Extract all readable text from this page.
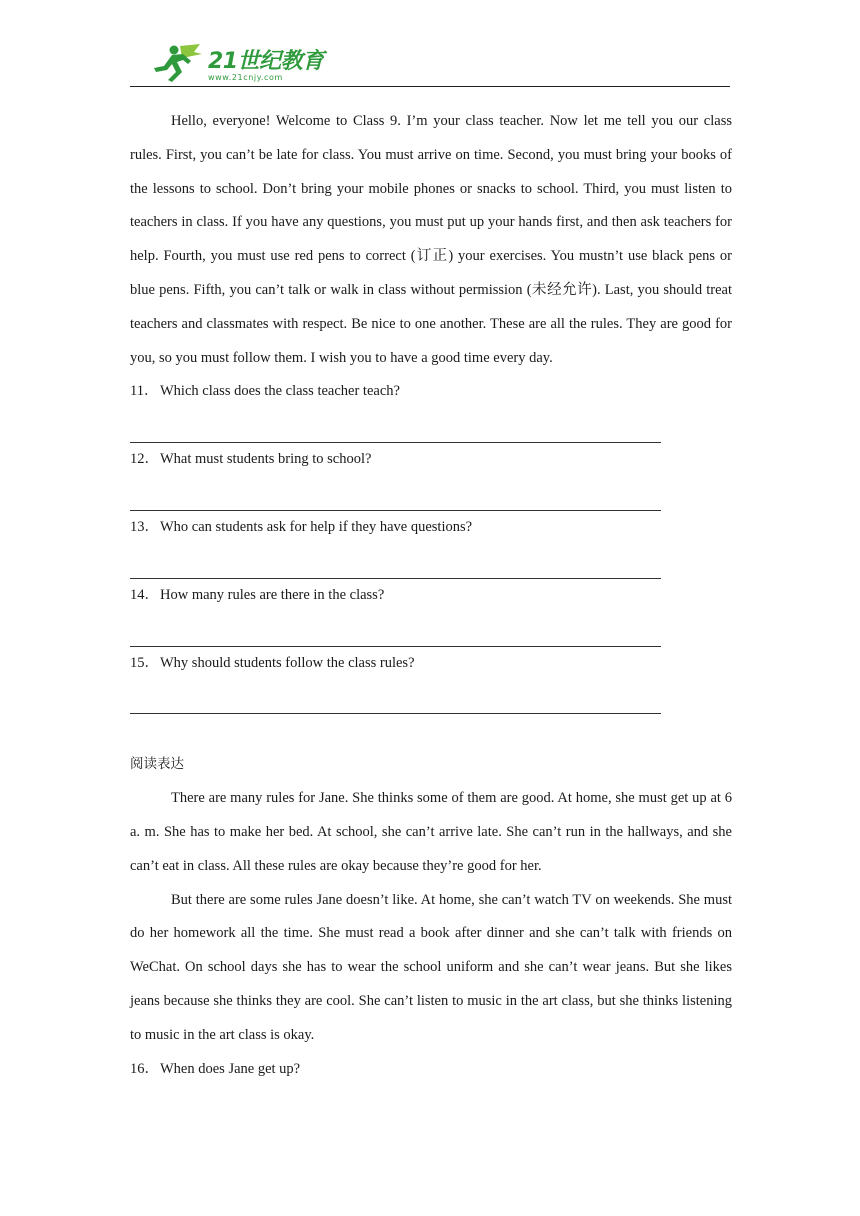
21世纪教育
www.21cnjy.com

Hello, everyone! Welcome to Class 9. I’m your class teacher. Now let me tell you our class rules. First, you can’t be late for class. You must arrive on time. Second, you must bring your books of the lessons to school. Don’t bring your mobile phones or snacks to school. Third, you must listen to teachers in class. If you have any questions, you must put up your hands first, and then ask teachers for help. Fourth, you must use red pens to correct (订正) your exercises. You mustn’t use black pens or blue pens. Fifth, you can’t talk or walk in class without permission (未经允许). Last, you should treat teachers and classmates with respect. Be nice to one another. These are all the rules. They are good for you, so you must follow them. I wish you to have a good time every day.

11． Which class does the class teacher teach?
12．What must students bring to school?
13．Who can students ask for help if they have questions?
14．How many rules are there in the class?
15．Why should students follow the class rules?
阅读表达

There are many rules for Jane. She thinks some of them are good. At home, she must get up at 6 a. m. She has to make her bed. At school, she can’t arrive late. She can’t run in the hallways, and she can’t eat in class. All these rules are okay because they’re good for her.

But there are some rules Jane doesn’t like. At home, she can’t watch TV on weekends. She must do her homework all the time. She must read a book after dinner and she can’t talk with friends on WeChat. On school days she has to wear the school uniform and she can’t wear jeans. But she likes jeans because she thinks they are cool. She can’t listen to music in the art class, but she thinks listening to music in the art class is okay.

16．When does Jane get up?
